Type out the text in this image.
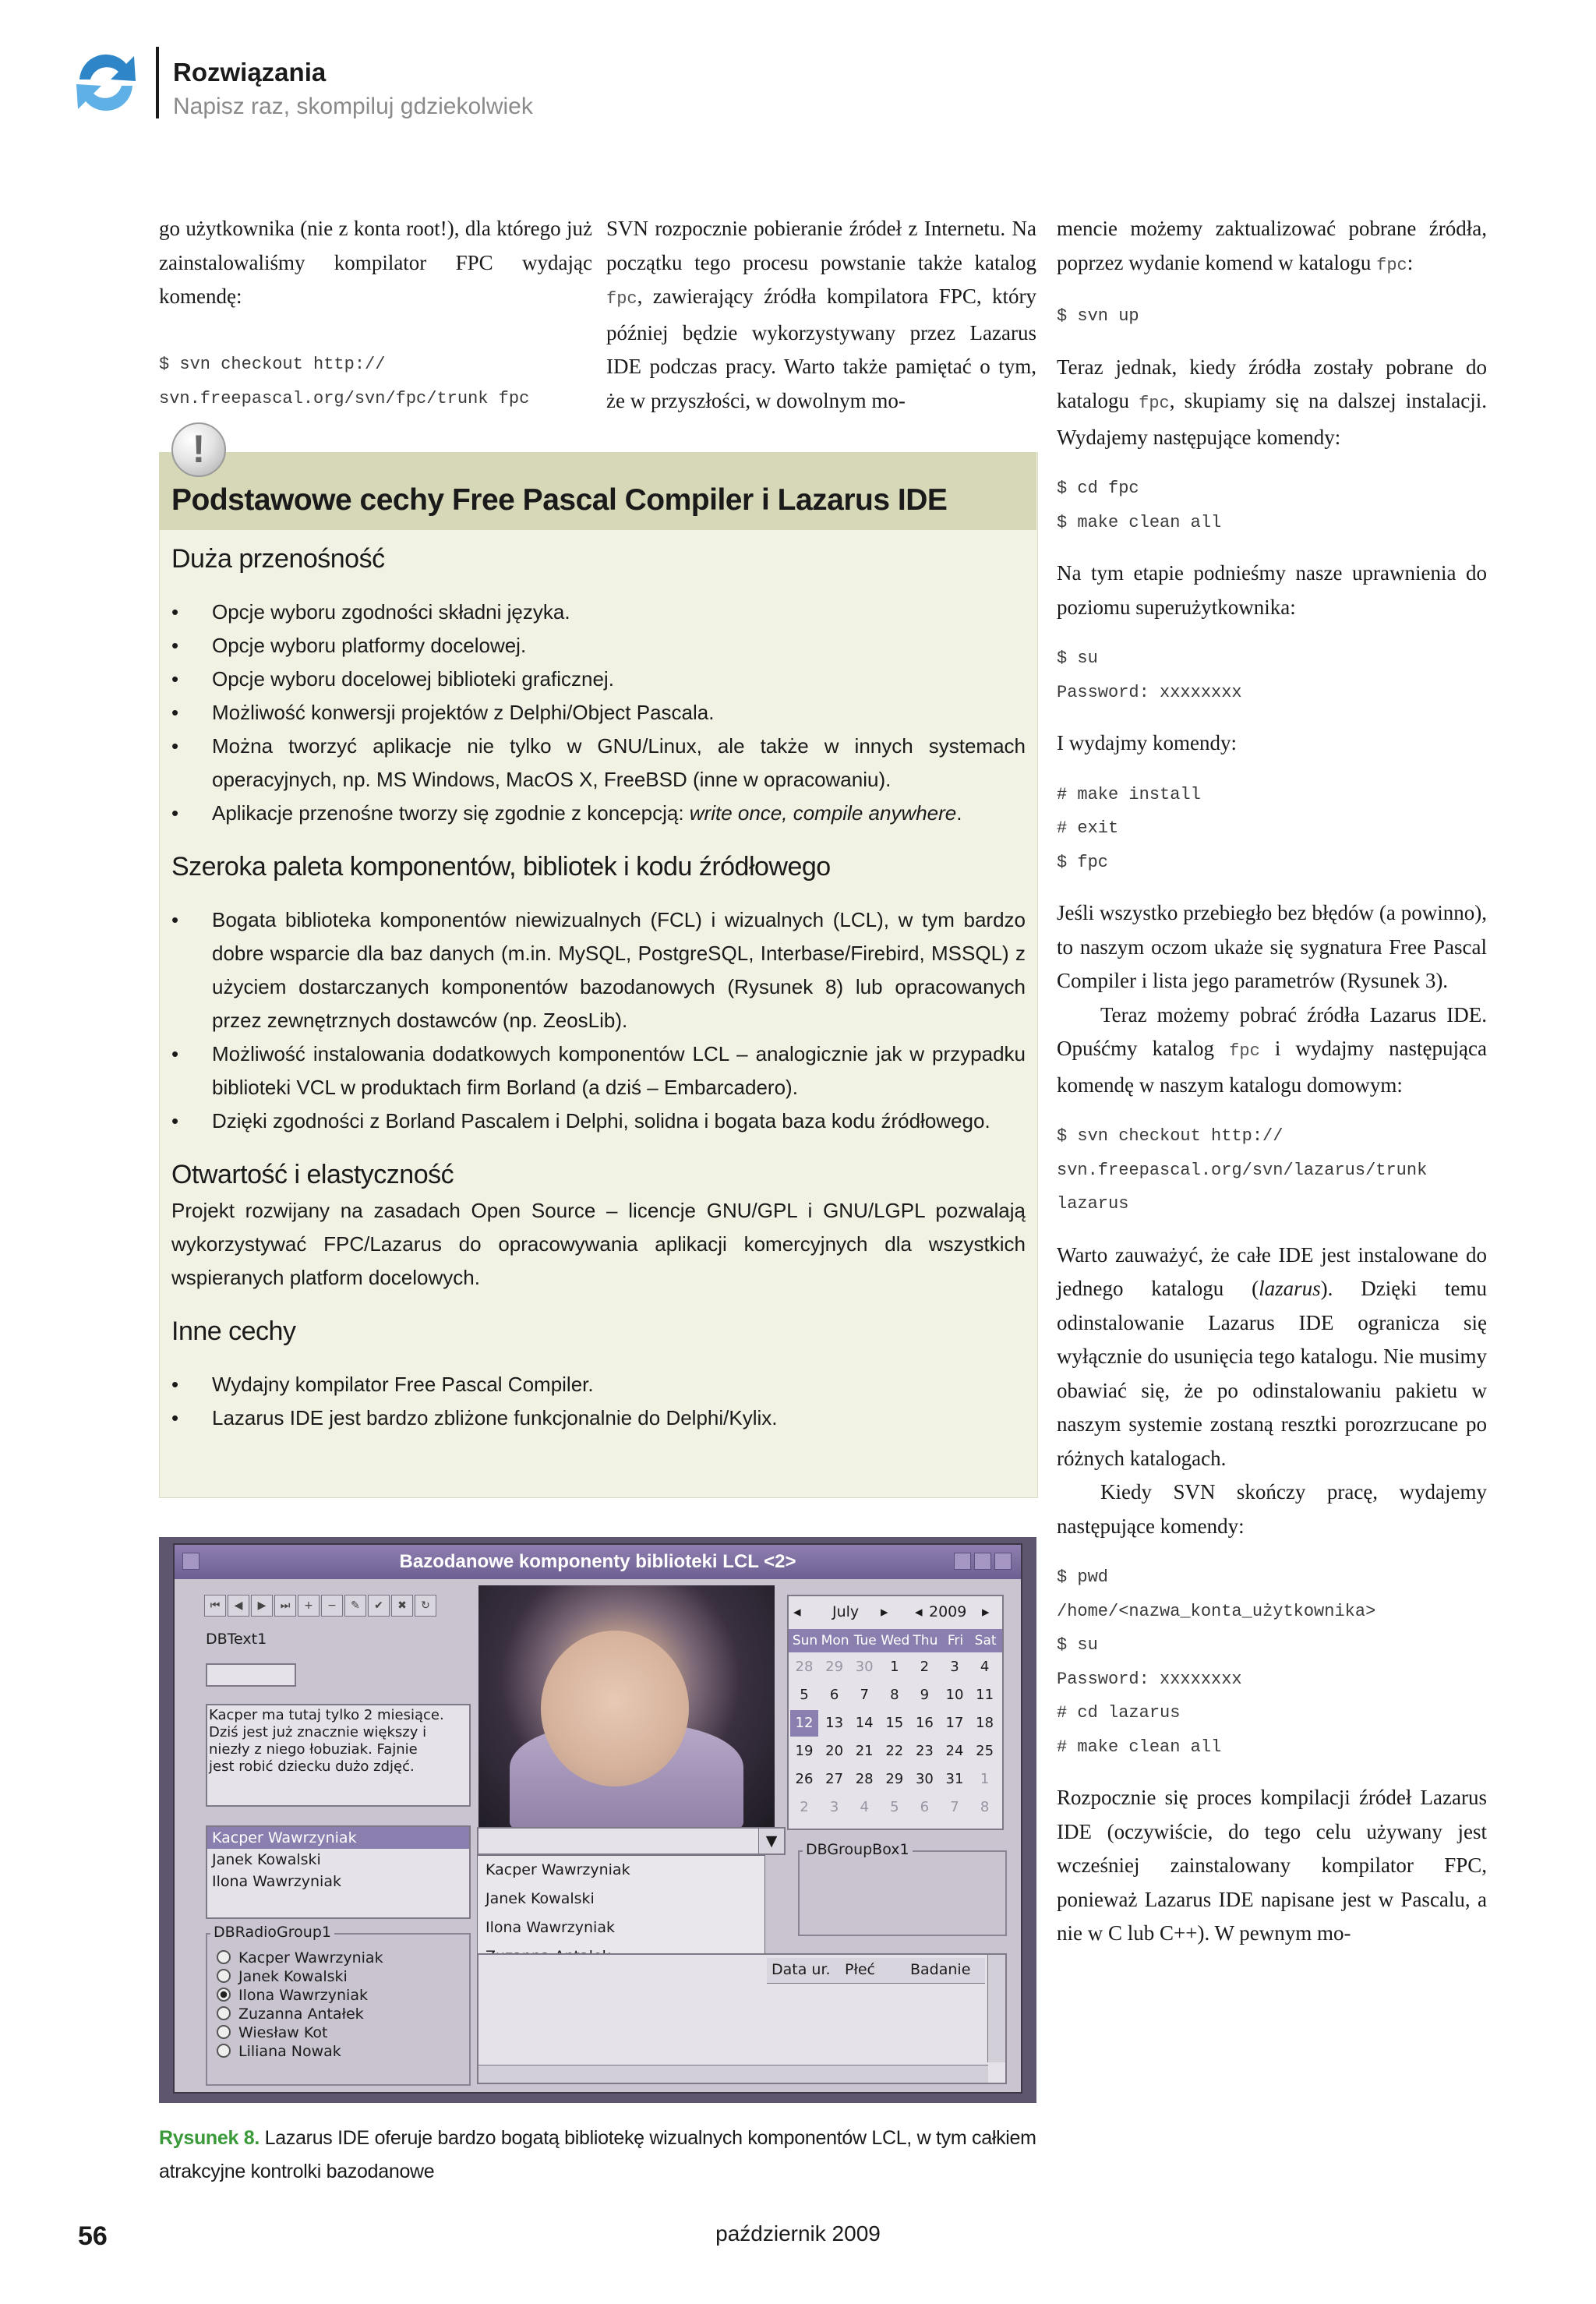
Rozwiązania
Napisz raz, skompiluj gdziekolwiek

go użytkownika (nie z konta root!), dla którego już zainstalowaliśmy kompilator FPC wydając komendę:

$ svn checkout http://
svn.freepascal.org/svn/fpc/trunk fpc

SVN rozpocznie pobieranie źródeł z Internetu. Na początku tego procesu powstanie także katalog fpc, zawierający źródła kompilatora FPC, który później będzie wykorzystywany przez Lazarus IDE podczas pracy. Warto także pamiętać o tym, że w przyszłości, w dowolnym mo-

mencie możemy zaktualizować pobrane źródła, poprzez wydanie komend w katalogu fpc:

$ svn up

Teraz jednak, kiedy źródła zostały pobrane do katalogu fpc, skupiamy się na dalszej instalacji. Wydajemy następujące komendy:

$ cd fpc
$ make clean all

Na tym etapie podnieśmy nasze uprawnienia do poziomu superużytkownika:

$ su
Password: xxxxxxxx

I wydajmy komendy:

# make install
# exit
$ fpc

Jeśli wszystko przebiegło bez błędów (a powinno), to naszym oczom ukaże się sygnatura Free Pascal Compiler i lista jego parametrów (Rysunek 3).

Teraz możemy pobrać źródła Lazarus IDE. Opuśćmy katalog fpc i wydajmy następująca komendę w naszym katalogu domowym:

$ svn checkout http://
svn.freepascal.org/svn/lazarus/trunk
lazarus

Warto zauważyć, że całe IDE jest instalowane do jednego katalogu (lazarus). Dzięki temu odinstalowanie Lazarus IDE ogranicza się wyłącznie do usunięcia tego katalogu. Nie musimy obawiać się, że po odinstalowaniu pakietu w naszym systemie zostaną resztki porozrzucane po różnych katalogach.

Kiedy SVN skończy pracę, wydajemy następujące komendy:

$ pwd
/home/<nazwa_konta_użytkownika>
$ su
Password: xxxxxxxx
# cd lazarus
# make clean all

Rozpocznie się proces kompilacji źródeł Lazarus IDE (oczywiście, do tego celu używany jest wcześniej zainstalowany kompilator FPC, ponieważ Lazarus IDE napisane jest w Pascalu, a nie w C lub C++). W pewnym mo-

!
Podstawowe cechy Free Pascal Compiler i Lazarus IDE
Duża przenośność
• Opcje wyboru zgodności składni języka.
• Opcje wyboru platformy docelowej.
• Opcje wyboru docelowej biblioteki graficznej.
• Możliwość konwersji projektów z Delphi/Object Pascala.
• Można tworzyć aplikacje nie tylko w GNU/Linux, ale także w innych systemach operacyjnych, np. MS Windows, MacOS X, FreeBSD (inne w opracowaniu).
• Aplikacje przenośne tworzy się zgodnie z koncepcją: write once, compile anywhere.
Szeroka paleta komponentów, bibliotek i kodu źródłowego
• Bogata biblioteka komponentów niewizualnych (FCL) i wizualnych (LCL), w tym bardzo dobre wsparcie dla baz danych (m.in. MySQL, PostgreSQL, Interbase/Firebird, MSSQL) z użyciem dostarczanych komponentów bazodanowych (Rysunek 8) lub opracowanych przez zewnętrznych dostawców (np. ZeosLib).
• Możliwość instalowania dodatkowych komponentów LCL – analogicznie jak w przypadku biblioteki VCL w produktach firm Borland (a dziś – Embarcadero).
• Dzięki zgodności z Borland Pascalem i Delphi, solidna i bogata baza kodu źródłowego.
Otwartość i elastyczność

Projekt rozwijany na zasadach Open Source – licencje GNU/GPL i GNU/LGPL pozwalają wykorzystywać FPC/Lazarus do opracowywania aplikacji komercyjnych dla wszystkich wspieranych platform docelowych.

Inne cechy
• Wydajny kompilator Free Pascal Compiler.
• Lazarus IDE jest bardzo zbliżone funkcjonalnie do Delphi/Kylix.
Bazodanowe komponenty biblioteki LCL <2>
⏮	◀	▶	⏭	+	−	✎	✔	✖	↻
DBText1
Kacper ma tutaj tylko 2 miesiące. Dziś jest już znacznie większy i niezły z niego łobuziak. Fajnie jest robić dziecku dużo zdjęć.
Kacper Wawrzyniak
Janek Kowalski
Ilona Wawrzyniak
DBRadioGroup1
Kacper Wawrzyniak
Janek Kowalski
Ilona Wawrzyniak
Zuzanna Antałek
Wiesław Kot
Liliana Nowak
◂ July ▸ ◂ 2009 ▸
Sun Mon Tue Wed Thu Fri Sat
28 29 30	1	2	3	4
5	6	7	8	9	10 11
12 13 14 15 16 17 18
19 20 21 22 23 24 25
26 27 28 29 30 31	1
2	3	4	5	6	7	8
▼
Kacper Wawrzyniak
Janek Kowalski
Ilona Wawrzyniak
DBGroupBox1
Data ur. Płeć Badanie
Rysunek 8. Lazarus IDE oferuje bardzo bogatą bibliotekę wizualnych komponentów LCL, w tym całkiem atrakcyjne kontrolki bazodanowe
październik 2009
56
